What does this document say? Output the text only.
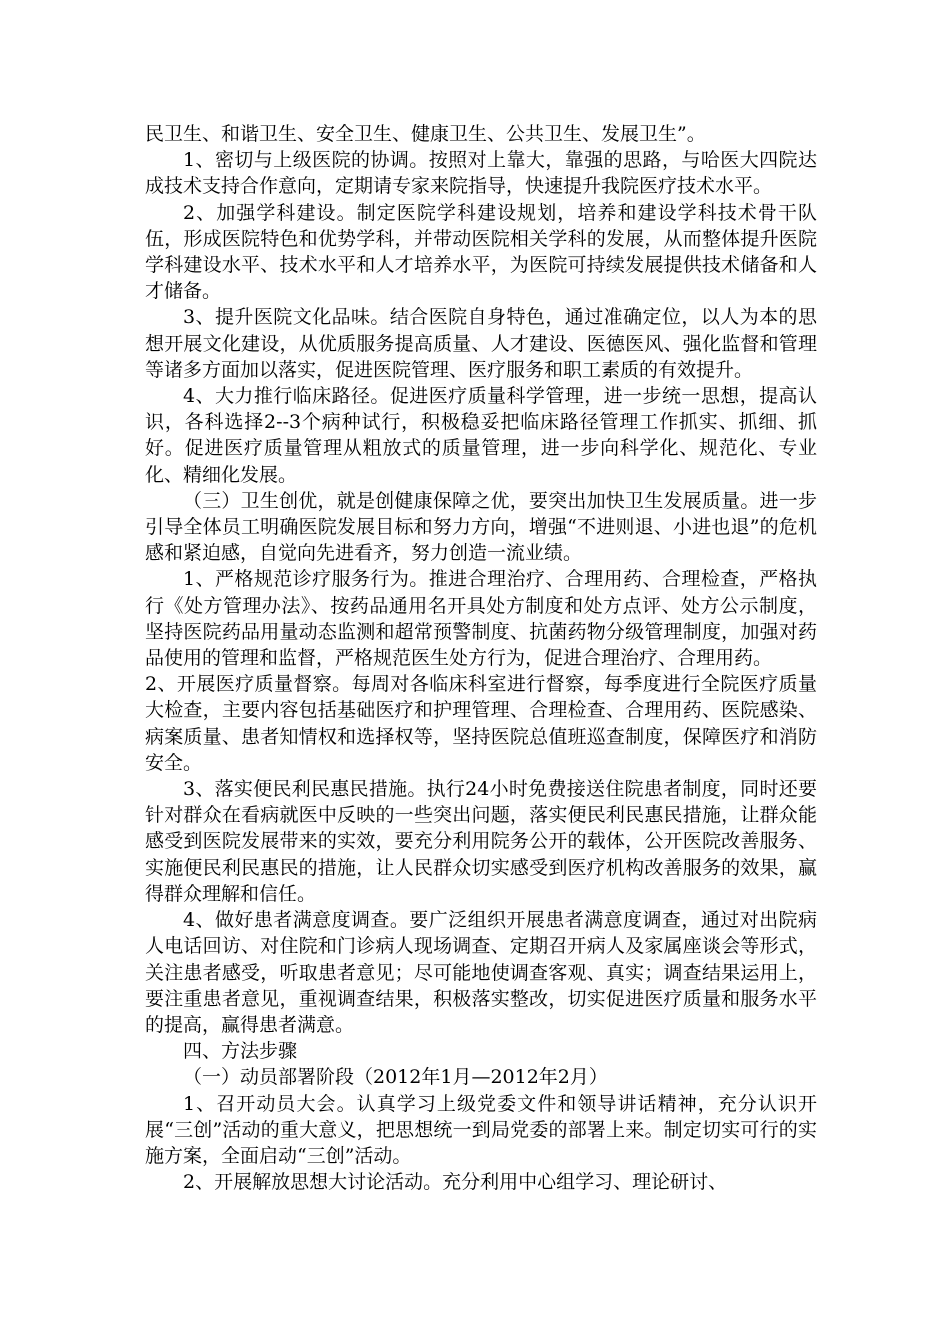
民卫生、和谐卫生、安全卫生、健康卫生、公共卫生、发展卫生”。

1、密切与上级医院的协调。按照对上靠大，靠强的思路，与哈医大四院达成技术支持合作意向，定期请专家来院指导，快速提升我院医疗技术水平。

2、加强学科建设。制定医院学科建设规划，培养和建设学科技术骨干队伍，形成医院特色和优势学科，并带动医院相关学科的发展，从而整体提升医院学科建设水平、技术水平和人才培养水平，为医院可持续发展提供技术储备和人才储备。

3、提升医院文化品味。结合医院自身特色，通过准确定位，以人为本的思想开展文化建设，从优质服务提高质量、人才建设、医德医风、强化监督和管理等诸多方面加以落实，促进医院管理、医疗服务和职工素质的有效提升。

4、大力推行临床路径。促进医疗质量科学管理，进一步统一思想，提高认识，各科选择2--3个病种试行，积极稳妥把临床路径管理工作抓实、抓细、抓好。促进医疗质量管理从粗放式的质量管理，进一步向科学化、规范化、专业化、精细化发展。

（三）卫生创优，就是创健康保障之优，要突出加快卫生发展质量。进一步引导全体员工明确医院发展目标和努力方向，增强“不进则退、小进也退”的危机感和紧迫感，自觉向先进看齐，努力创造一流业绩。

1、严格规范诊疗服务行为。推进合理治疗、合理用药、合理检查，严格执行《处方管理办法》、按药品通用名开具处方制度和处方点评、处方公示制度，坚持医院药品用量动态监测和超常预警制度、抗菌药物分级管理制度，加强对药品使用的管理和监督，严格规范医生处方行为，促进合理治疗、合理用药。

2、开展医疗质量督察。每周对各临床科室进行督察，每季度进行全院医疗质量大检查，主要内容包括基础医疗和护理管理、合理检查、合理用药、医院感染、病案质量、患者知情权和选择权等，坚持医院总值班巡查制度，保障医疗和消防安全。

3、落实便民利民惠民措施。执行24小时免费接送住院患者制度，同时还要针对群众在看病就医中反映的一些突出问题，落实便民利民惠民措施，让群众能感受到医院发展带来的实效，要充分利用院务公开的载体，公开医院改善服务、实施便民利民惠民的措施，让人民群众切实感受到医疗机构改善服务的效果，赢得群众理解和信任。

4、做好患者满意度调查。要广泛组织开展患者满意度调查，通过对出院病人电话回访、对住院和门诊病人现场调查、定期召开病人及家属座谈会等形式，关注患者感受，听取患者意见；尽可能地使调查客观、真实；调查结果运用上，要注重患者意见，重视调查结果，积极落实整改，切实促进医疗质量和服务水平的提高，赢得患者满意。

四、方法步骤

（一）动员部署阶段（2012年1月—2012年2月）

1、召开动员大会。认真学习上级党委文件和领导讲话精神，充分认识开展“三创”活动的重大意义，把思想统一到局党委的部署上来。制定切实可行的实施方案，全面启动“三创”活动。

2、开展解放思想大讨论活动。充分利用中心组学习、理论研讨、
